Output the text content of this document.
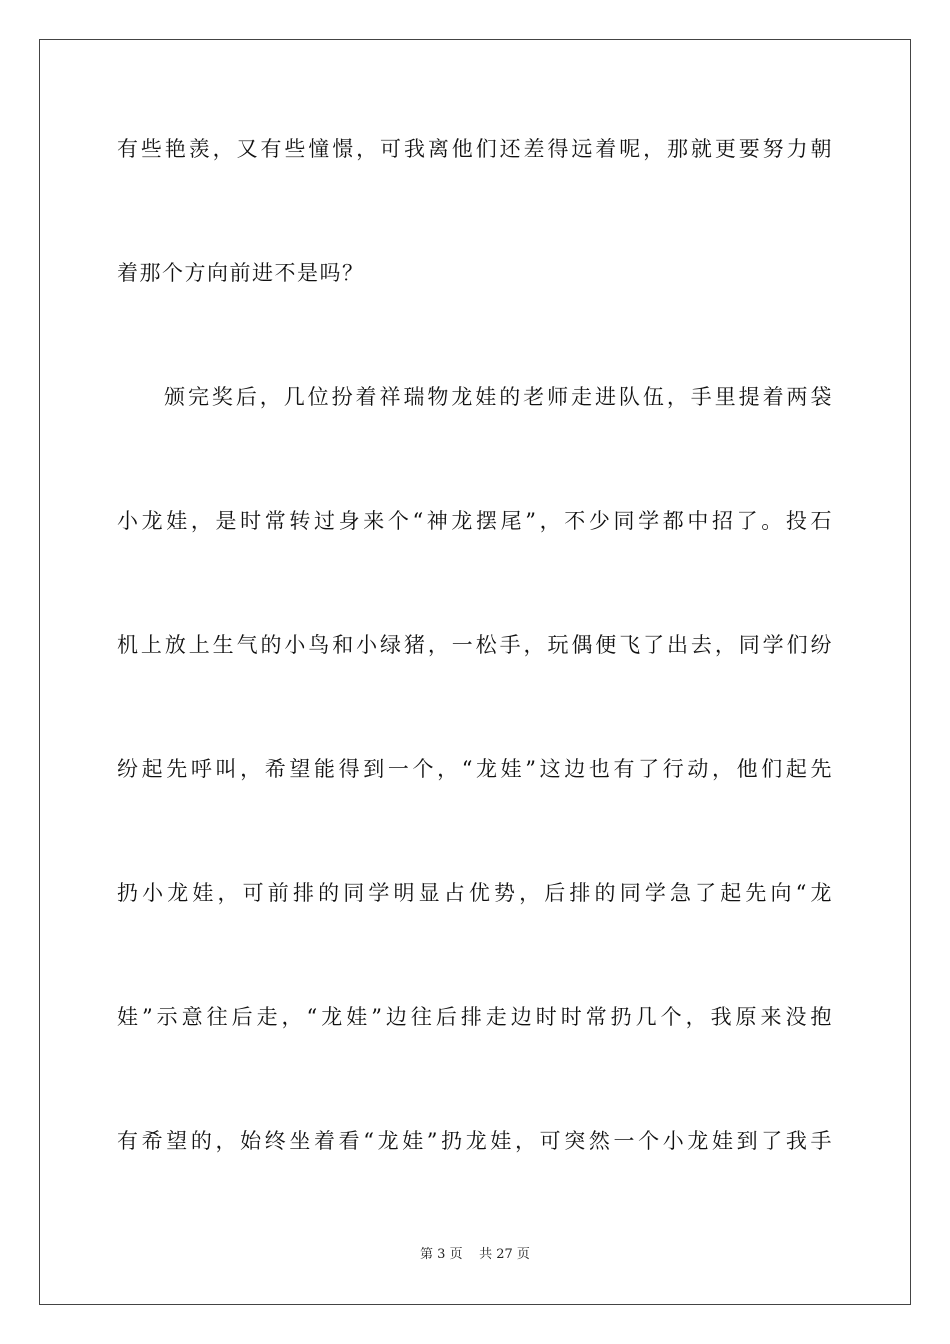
有些艳羡，又有些憧憬，可我离他们还差得远着呢，那就更要努力朝
着那个方向前进不是吗？
颁完奖后，几位扮着祥瑞物龙娃的老师走进队伍，手里提着两袋
小龙娃，是时常转过身来个“神龙摆尾”，不少同学都中招了。投石
机上放上生气的小鸟和小绿猪，一松手，玩偶便飞了出去，同学们纷
纷起先呼叫，希望能得到一个，“龙娃”这边也有了行动，他们起先
扔小龙娃，可前排的同学明显占优势，后排的同学急了起先向“龙
娃”示意往后走，“龙娃”边往后排走边时时常扔几个，我原来没抱
有希望的，始终坐着看“龙娃”扔龙娃，可突然一个小龙娃到了我手
第 3 页 共 27 页
